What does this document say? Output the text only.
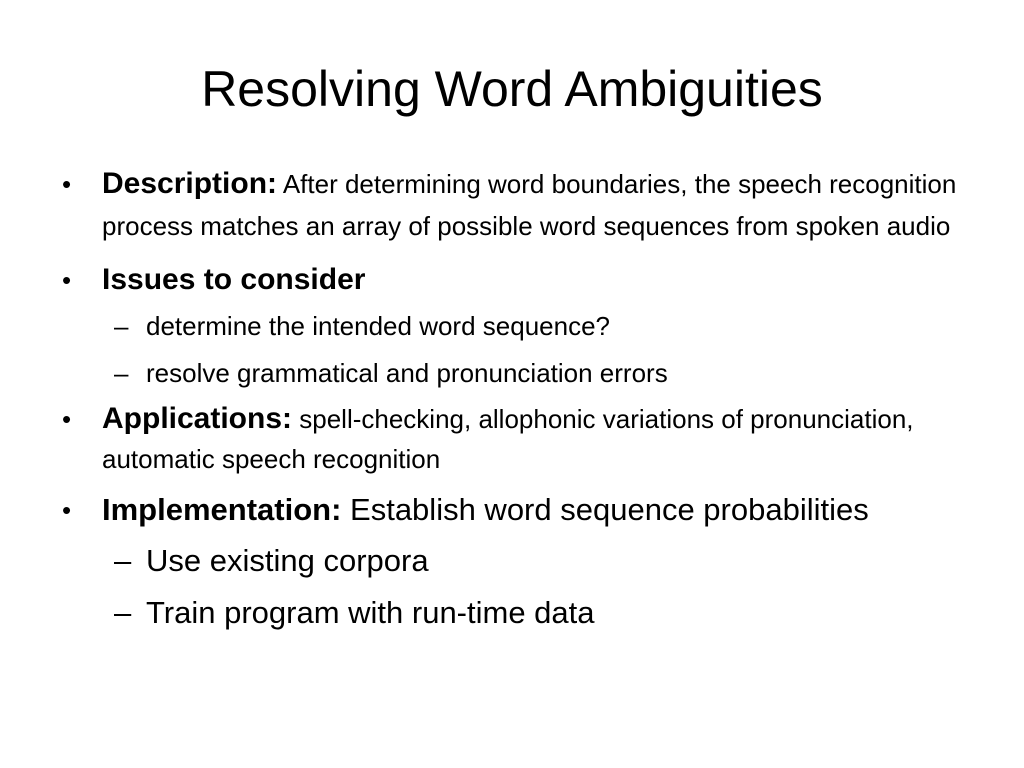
Resolving Word Ambiguities
• Description: After determining word boundaries, the speech recognition process matches an array of possible word sequences from spoken audio
• Issues to consider
– determine the intended word sequence?
– resolve grammatical and pronunciation errors
• Applications: spell-checking, allophonic variations of pronunciation, automatic speech recognition
• Implementation: Establish word sequence probabilities
– Use existing corpora
– Train program with run-time data
